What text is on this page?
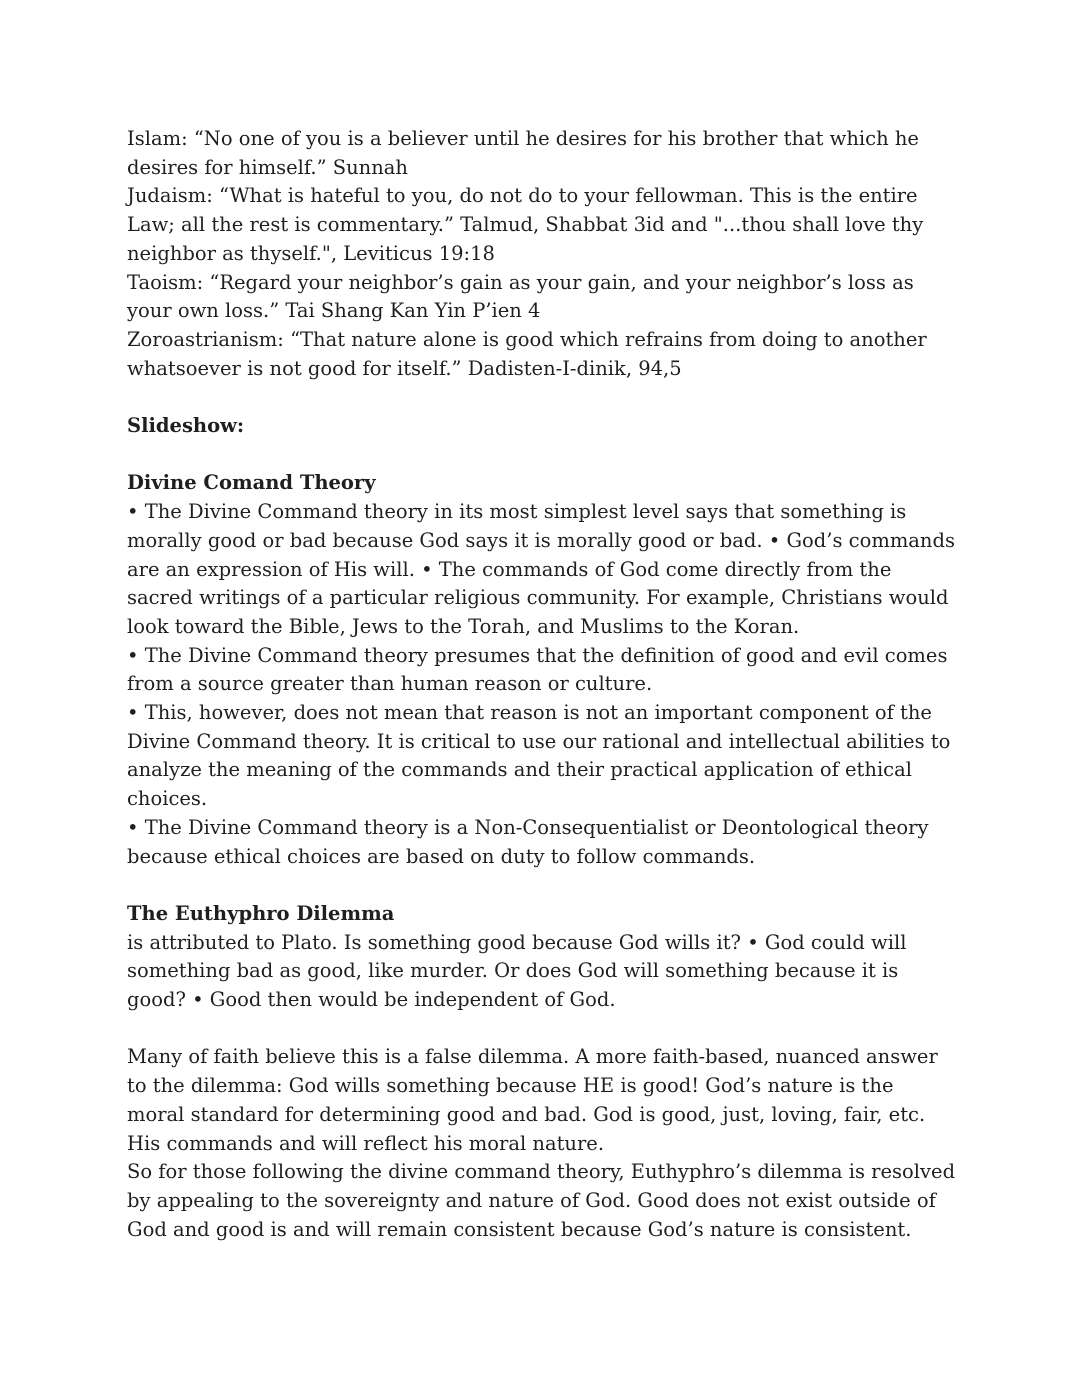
Islam: “No one of you is a believer until he desires for his brother that which he desires for himself.” Sunnah

Judaism: “What is hateful to you, do not do to your fellowman. This is the entire Law; all the rest is commentary.” Talmud, Shabbat 3id and "...thou shall love thy neighbor as thyself.", Leviticus 19:18

Taoism: “Regard your neighbor’s gain as your gain, and your neighbor’s loss as your own loss.” Tai Shang Kan Yin P’ien 4

Zoroastrianism: “That nature alone is good which refrains from doing to another whatsoever is not good for itself.” Dadisten-I-dinik, 94,5

Slideshow:

Divine Comand Theory

• The Divine Command theory in its most simplest level says that something is morally good or bad because God says it is morally good or bad. • God’s commands are an expression of His will. • The commands of God come directly from the sacred writings of a particular religious community. For example, Christians would look toward the Bible, Jews to the Torah, and Muslims to the Koran.

• The Divine Command theory presumes that the definition of good and evil comes from a source greater than human reason or culture.

• This, however, does not mean that reason is not an important component of the Divine Command theory. It is critical to use our rational and intellectual abilities to analyze the meaning of the commands and their practical application of ethical choices.

• The Divine Command theory is a Non-Consequentialist or Deontological theory because ethical choices are based on duty to follow commands.

The Euthyphro Dilemma

is attributed to Plato. Is something good because God wills it? • God could will something bad as good, like murder. Or does God will something because it is good? • Good then would be independent of God.

Many of faith believe this is a false dilemma. A more faith-based, nuanced answer to the dilemma: God wills something because HE is good! God’s nature is the moral standard for determining good and bad. God is good, just, loving, fair, etc. His commands and will reflect his moral nature.

So for those following the divine command theory, Euthyphro’s dilemma is resolved by appealing to the sovereignty and nature of God. Good does not exist outside of God and good is and will remain consistent because God’s nature is consistent.
